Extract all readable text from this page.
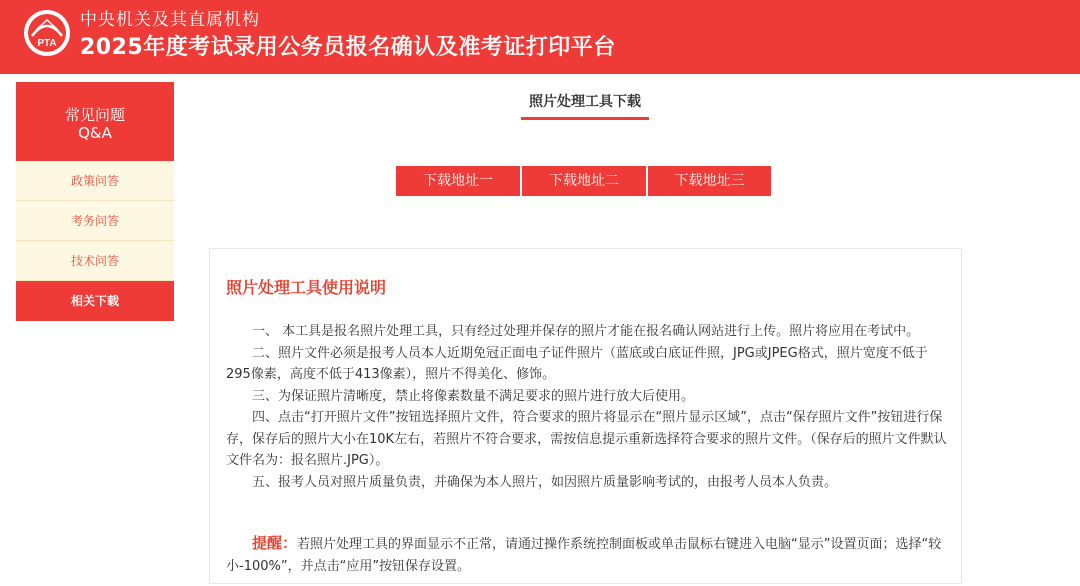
PTA
中央机关及其直属机构
2025年度考试录用公务员报名确认及准考证打印平台
常见问题
Q&A
政策问答
考务问答
技术问答
相关下载
照片处理工具下载
下载地址一	下载地址二	下载地址三
照片处理工具使用说明

一、 本工具是报名照片处理工具，只有经过处理并保存的照片才能在报名确认网站进行上传。照片将应用在考试中。

二、照片文件必须是报考人员本人近期免冠正面电子证件照片（蓝底或白底证件照，JPG或JPEG格式，照片宽度不低于295像素，高度不低于413像素），照片不得美化、修饰。

三、为保证照片清晰度，禁止将像素数量不满足要求的照片进行放大后使用。

四、点击“打开照片文件”按钮选择照片文件，符合要求的照片将显示在“照片显示区域”，点击“保存照片文件”按钮进行保存，保存后的照片大小在10K左右，若照片不符合要求，需按信息提示重新选择符合要求的照片文件。（保存后的照片文件默认文件名为：报名照片.JPG）。

五、报考人员对照片质量负责，并确保为本人照片，如因照片质量影响考试的，由报考人员本人负责。

提醒：若照片处理工具的界面显示不正常，请通过操作系统控制面板或单击鼠标右键进入电脑“显示”设置页面；选择“较小-100%”，并点击“应用”按钮保存设置。
